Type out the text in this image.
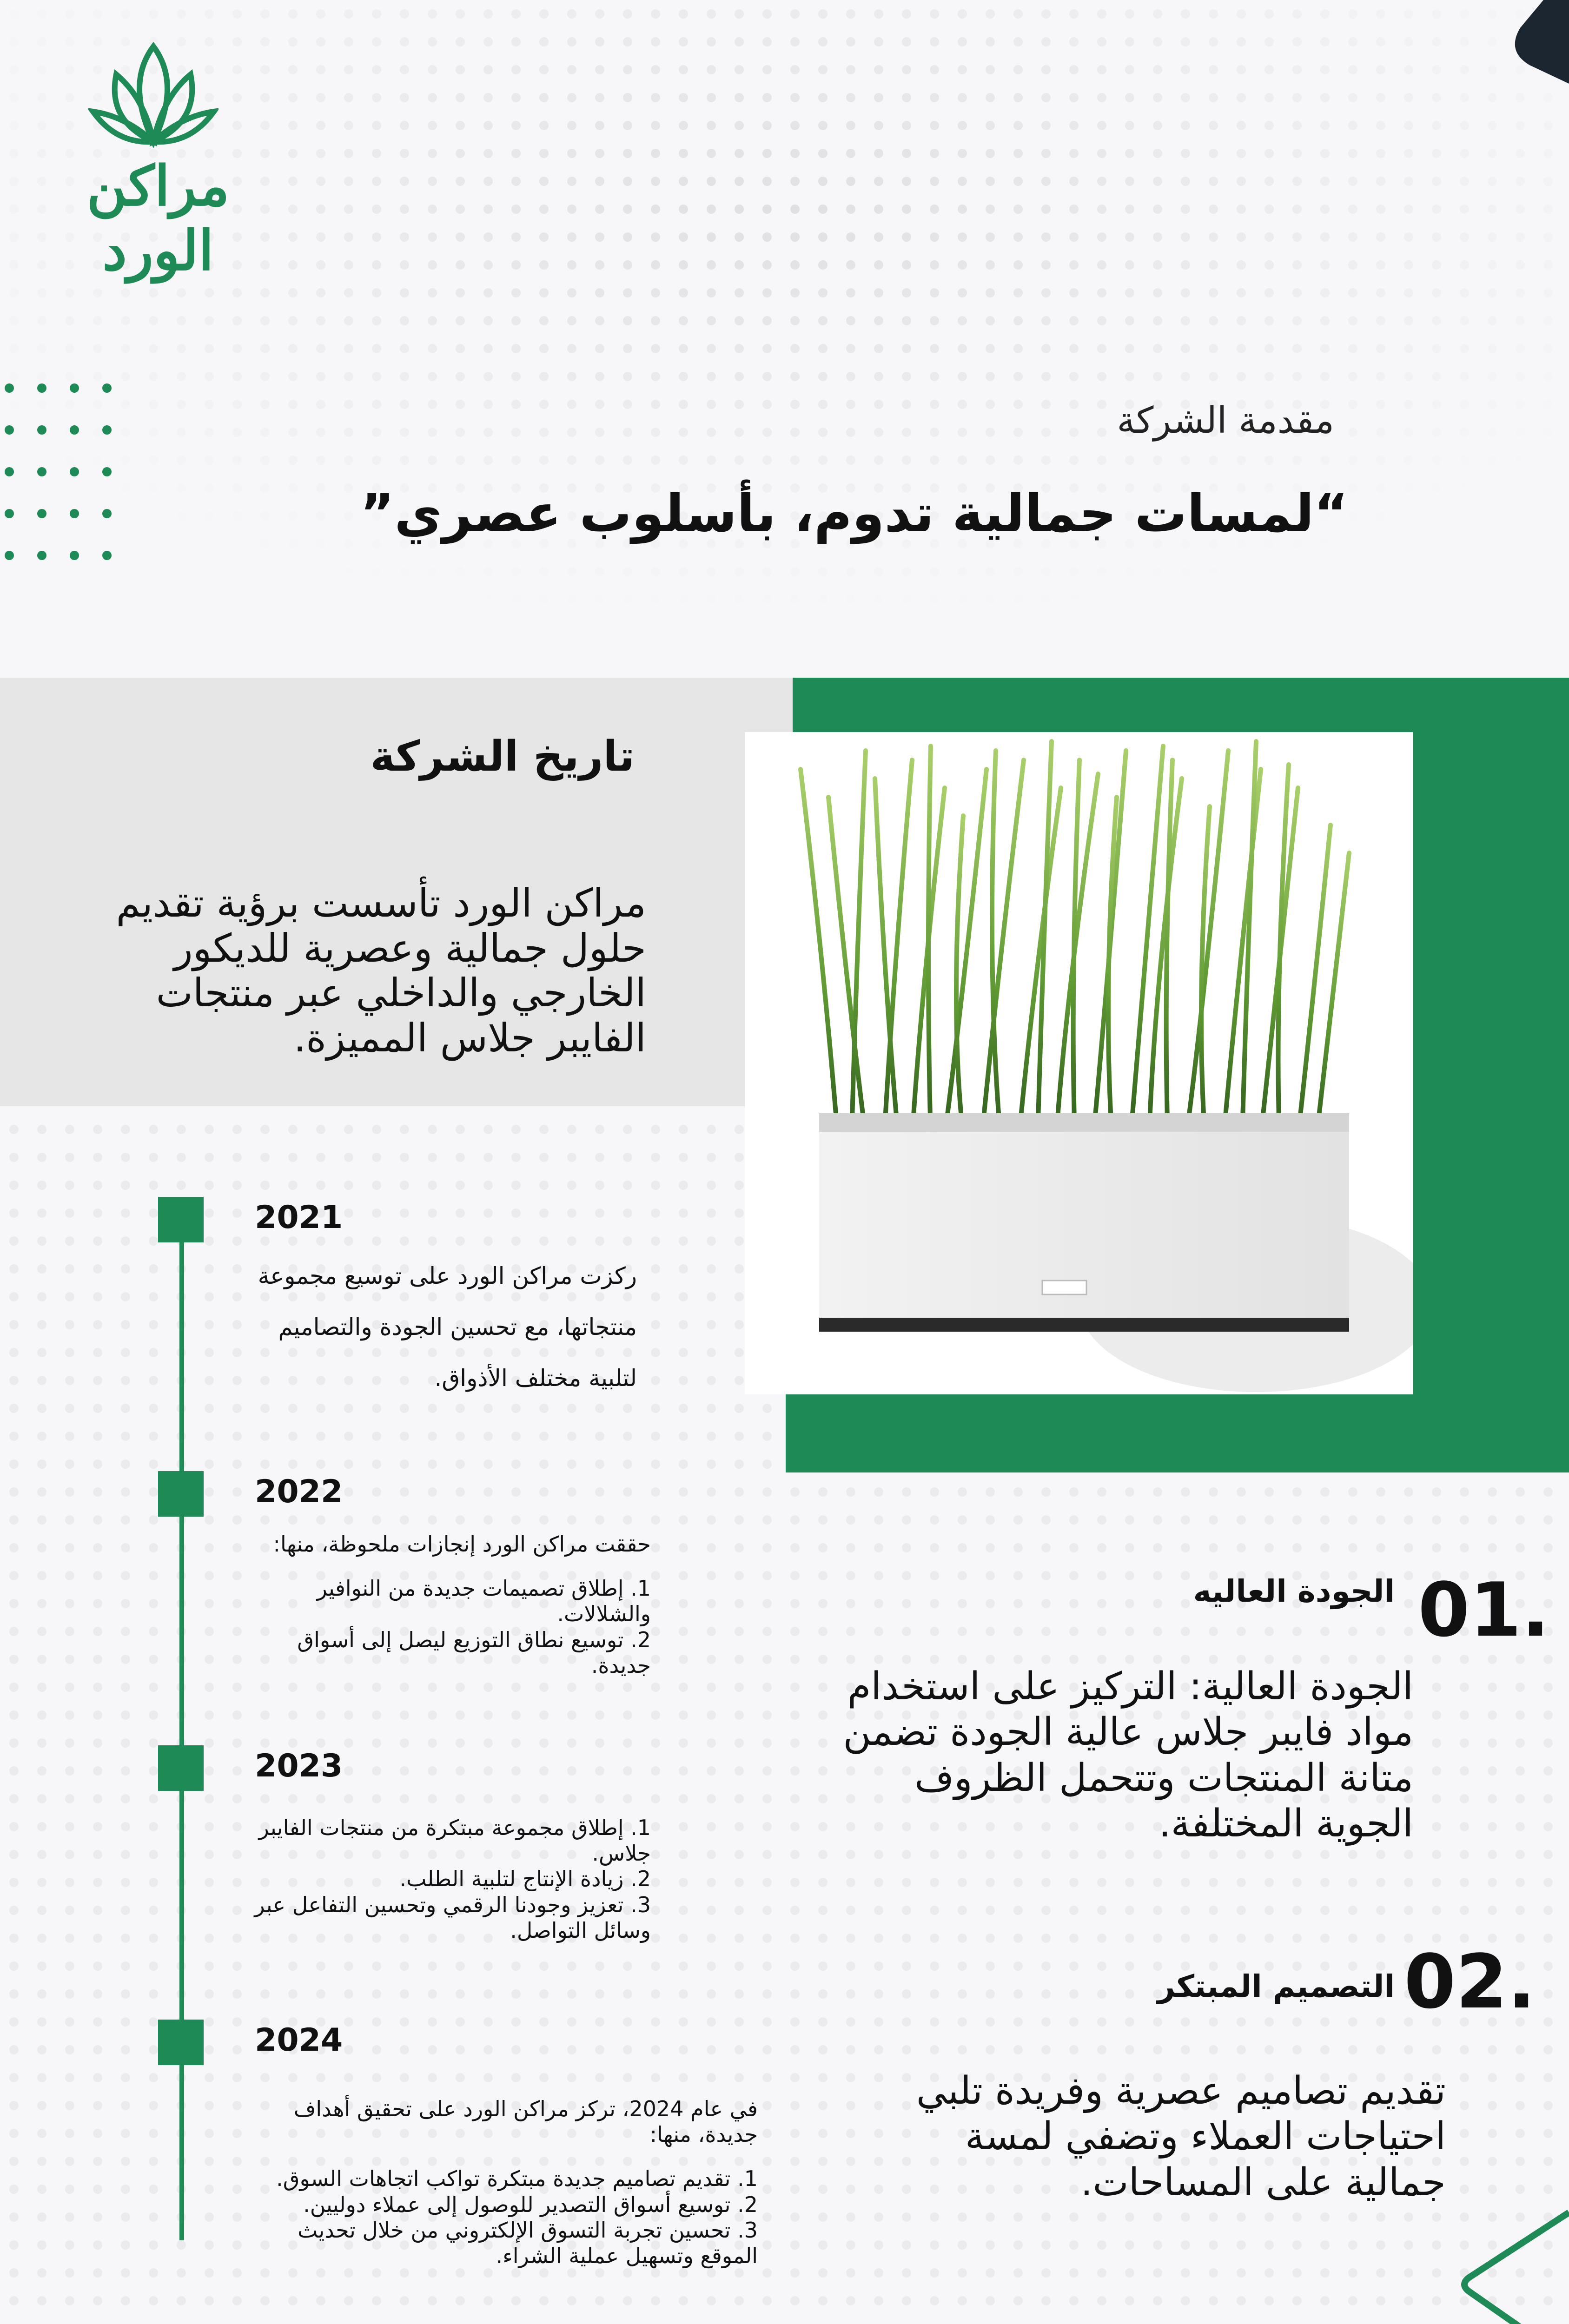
مراكن الورد
مقدمة الشركة
“لمسات جمالية تدوم، بأسلوب عصري”
تاريخ الشركة
مراكن الورد تأسست برؤية تقديم حلول جمالية وعصرية للديكور الخارجي والداخلي عبر منتجات الفايبر جلاس المميزة.
2021
ركزت مراكن الورد على توسيع مجموعة
منتجاتها، مع تحسين الجودة والتصاميم
لتلبية مختلف الأذواق.
2022
حققت مراكن الورد إنجازات ملحوظة، منها:
1. إطلاق تصميمات جديدة من النوافير والشلالات.
2. توسيع نطاق التوزيع ليصل إلى أسواق جديدة.
2023
1. إطلاق مجموعة مبتكرة من منتجات الفايبر جلاس.
2. زيادة الإنتاج لتلبية الطلب.
3. تعزيز وجودنا الرقمي وتحسين التفاعل عبر وسائل التواصل.
2024
في عام 2024، تركز مراكن الورد على تحقيق أهداف جديدة، منها:
1. تقديم تصاميم جديدة مبتكرة تواكب اتجاهات السوق.
2. توسيع أسواق التصدير للوصول إلى عملاء دوليين.
3. تحسين تجربة التسوق الإلكتروني من خلال تحديث الموقع وتسهيل عملية الشراء.
01.
الجودة العاليه
الجودة العالية: التركيز على استخدام مواد فايبر جلاس عالية الجودة تضمن متانة المنتجات وتتحمل الظروف الجوية المختلفة.
02.
التصميم المبتكر
تقديم تصاميم عصرية وفريدة تلبي احتياجات العملاء وتضفي لمسة جمالية على المساحات.
